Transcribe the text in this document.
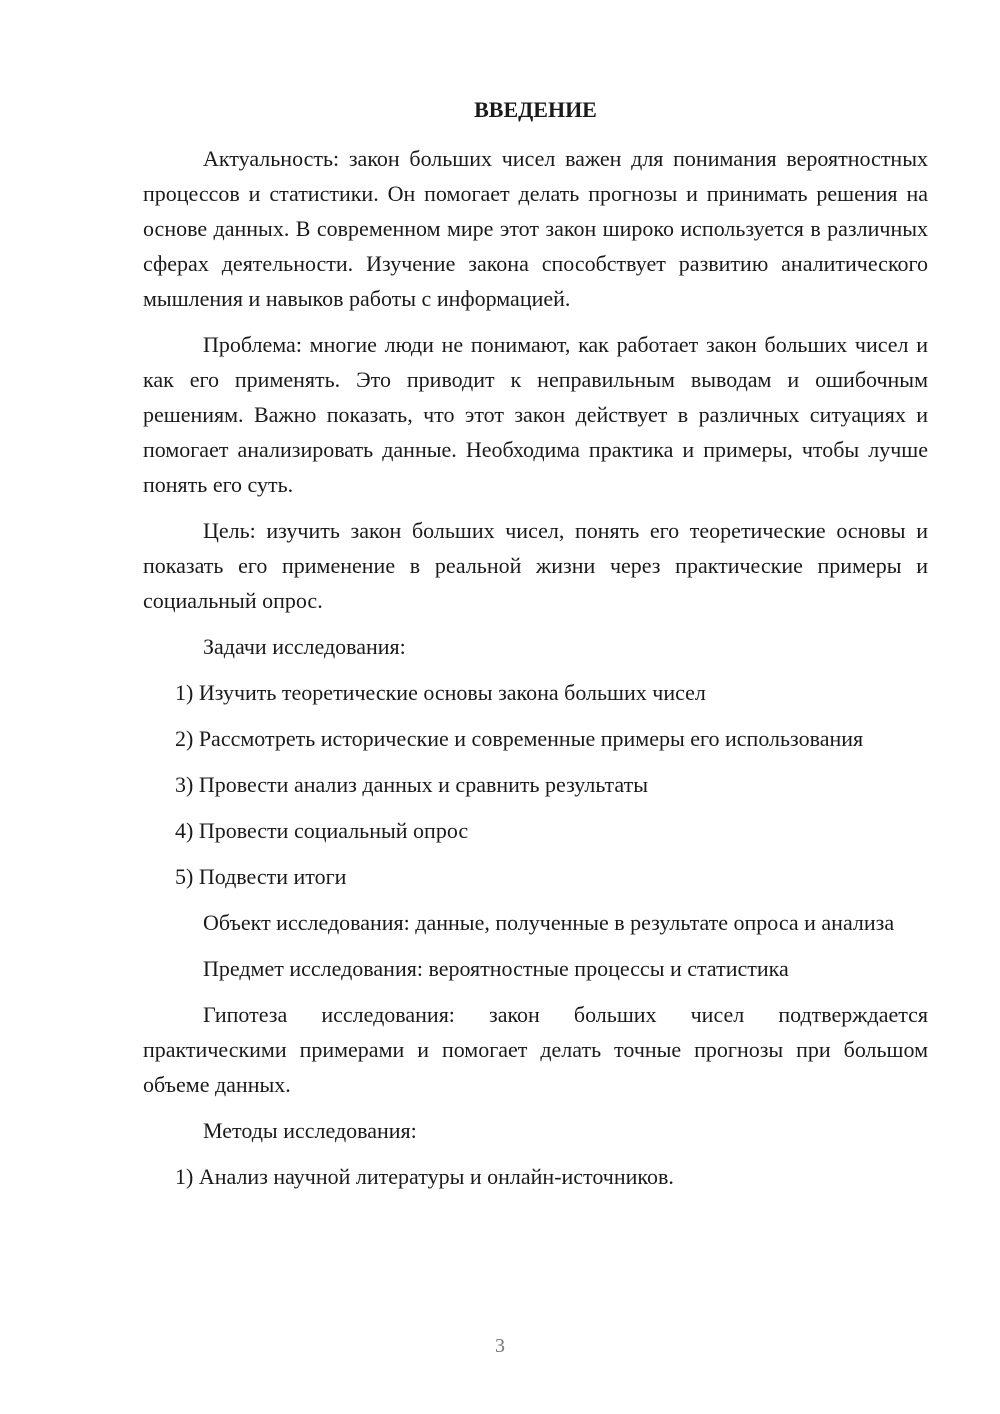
ВВЕДЕНИЕ

Актуальность: закон больших чисел важен для понимания вероятностных процессов и статистики. Он помогает делать прогнозы и принимать решения на основе данных. В современном мире этот закон широко используется в различных сферах деятельности. Изучение закона способствует развитию аналитического мышления и навыков работы с информацией.

Проблема: многие люди не понимают, как работает закон больших чисел и как его применять. Это приводит к неправильным выводам и ошибочным решениям. Важно показать, что этот закон действует в различных ситуациях и помогает анализировать данные. Необходима практика и примеры, чтобы лучше понять его суть.

Цель: изучить закон больших чисел, понять его теоретические основы и показать его применение в реальной жизни через практические примеры и социальный опрос.

Задачи исследования:

1) Изучить теоретические основы закона больших чисел

2) Рассмотреть исторические и современные примеры его использования

3) Провести анализ данных и сравнить результаты

4) Провести социальный опрос

5) Подвести итоги

Объект исследования: данные, полученные в результате опроса и анализа

Предмет исследования: вероятностные процессы и статистика

Гипотеза исследования: закон больших чисел подтверждается практическими примерами и помогает делать точные прогнозы при большом объеме данных.

Методы исследования:

1) Анализ научной литературы и онлайн-источников.

3
